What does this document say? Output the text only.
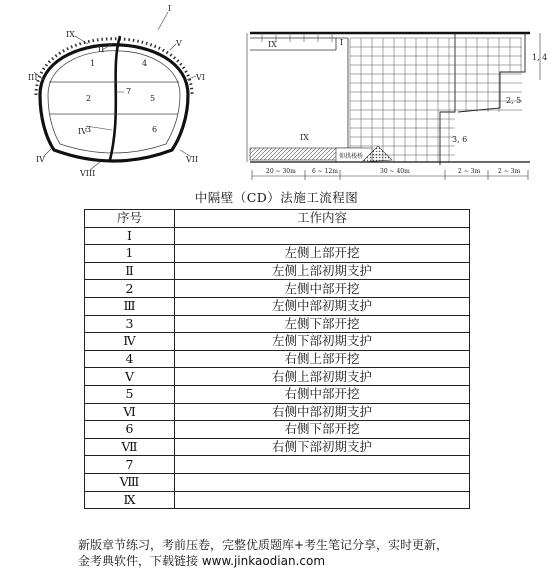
IX
II
I
V
III	VI
IV
IV
VIII
VII
1	4
2
7
5
3	6
IX	I
IX
1, 4
2, 5
3, 6
仰拱栈桥
20 ~ 30m	6 ~ 12m	30 ~ 40m	2 ~ 3m	2 ~ 3m
中隔壁（CD）法施工流程图
序号	工作内容
Ⅰ	
1	左侧上部开挖
Ⅱ	左侧上部初期支护
2	左侧中部开挖
Ⅲ	左侧中部初期支护
3	左侧下部开挖
Ⅳ	左侧下部初期支护
4	右侧上部开挖
Ⅴ	右侧上部初期支护
5	右侧中部开挖
Ⅵ	右侧中部初期支护
6	右侧下部开挖
Ⅶ	右侧下部初期支护
7	
Ⅷ	
Ⅸ	
新版章节练习，考前压卷，完整优质题库+考生笔记分享，实时更新，
金考典软件，下载链接 www.jinkaodian.com
